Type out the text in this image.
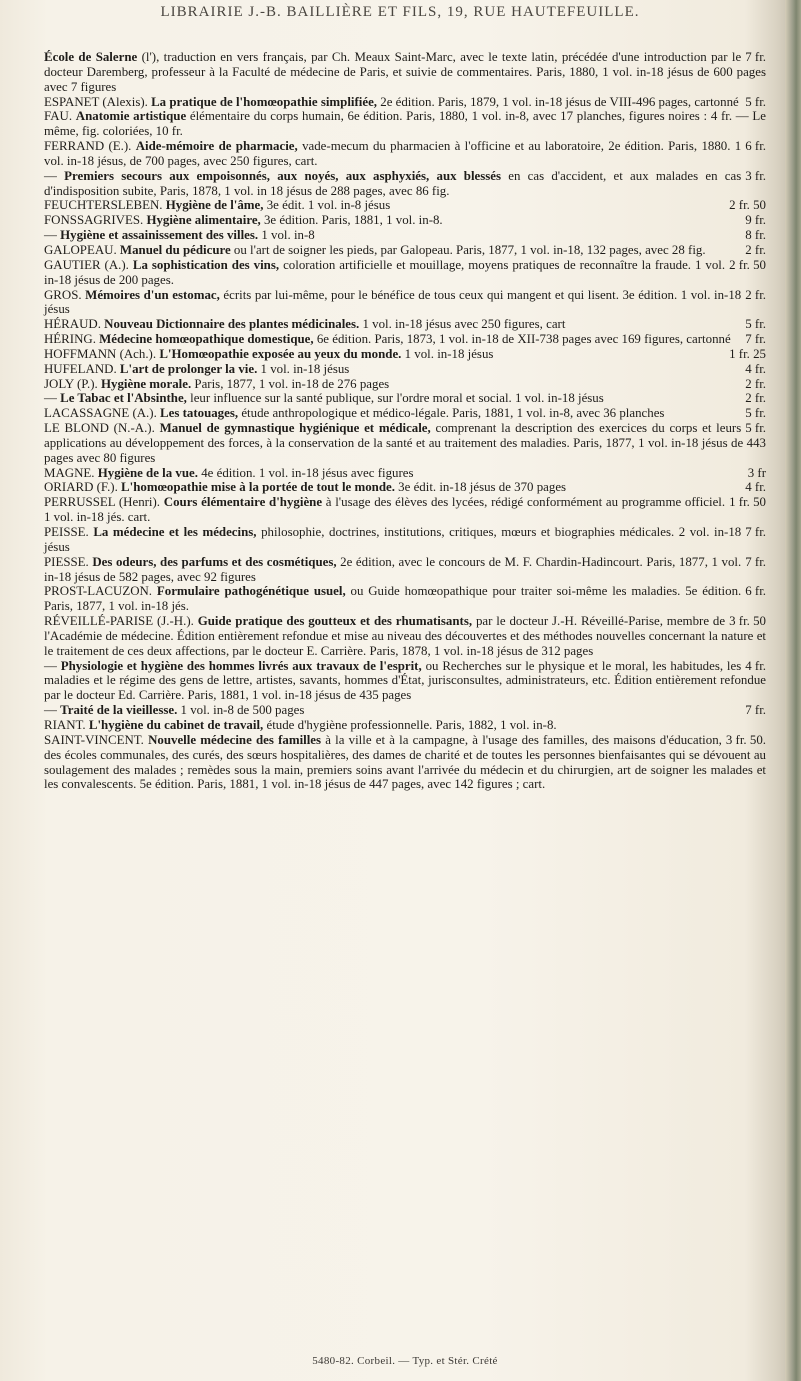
LIBRAIRIE J.-B. BAILLIÈRE ET FILS, 19, RUE HAUTEFEUILLE.

7 fr.
École de Salerne (l'), traduction en vers français, par Ch. Meaux Saint-Marc, avec le texte latin, précédée d'une introduction par le docteur Daremberg, professeur à la Faculté de médecine de Paris, et suivie de commentaires. Paris, 1880, 1 vol. in-18 jésus de 600 pages avec 7 figures

5 fr.
ESPANET (Alexis). La pratique de l'homœopathie simplifiée, 2e édition. Paris, 1879, 1 vol. in-18 jésus de VIII-496 pages, cartonné

FAU. Anatomie artistique élémentaire du corps humain, 6e édition. Paris, 1880, 1 vol. in-8, avec 17 planches, figures noires : 4 fr. — Le même, fig. coloriées, 10 fr.

6 fr.
FERRAND (E.). Aide-mémoire de pharmacie, vade-mecum du pharmacien à l'officine et au laboratoire, 2e édition. Paris, 1880. 1 vol. in-18 jésus, de 700 pages, avec 250 figures, cart.

3 fr.
— Premiers secours aux empoisonnés, aux noyés, aux asphyxiés, aux blessés en cas d'accident, et aux malades en cas d'indisposition subite, Paris, 1878, 1 vol. in 18 jésus de 288 pages, avec 86 fig.

2 fr. 50
FEUCHTERSLEBEN. Hygiène de l'âme, 3e édit. 1 vol. in-8 jésus

9 fr.
FONSSAGRIVES. Hygiène alimentaire, 3e édition. Paris, 1881, 1 vol. in-8.

8 fr.
— Hygiène et assainissement des villes. 1 vol. in-8

2 fr.
GALOPEAU. Manuel du pédicure ou l'art de soigner les pieds, par Galopeau. Paris, 1877, 1 vol. in-18, 132 pages, avec 28 fig.

2 fr. 50
GAUTIER (A.). La sophistication des vins, coloration artificielle et mouillage, moyens pratiques de reconnaître la fraude. 1 vol. in-18 jésus de 200 pages.

2 fr.
GROS. Mémoires d'un estomac, écrits par lui-même, pour le bénéfice de tous ceux qui mangent et qui lisent. 3e édition. 1 vol. in-18 jésus

5 fr.
HÉRAUD. Nouveau Dictionnaire des plantes médicinales. 1 vol. in-18 jésus avec 250 figures, cart

7 fr.
HÉRING. Médecine homœopathique domestique, 6e édition. Paris, 1873, 1 vol. in-18 de XII-738 pages avec 169 figures, cartonné

1 fr. 25
HOFFMANN (Ach.). L'Homœopathie exposée au yeux du monde. 1 vol. in-18 jésus

4 fr.
HUFELAND. L'art de prolonger la vie. 1 vol. in-18 jésus

2 fr.
JOLY (P.). Hygiène morale. Paris, 1877, 1 vol. in-18 de 276 pages

2 fr.
— Le Tabac et l'Absinthe, leur influence sur la santé publique, sur l'ordre moral et social. 1 vol. in-18 jésus

5 fr.
LACASSAGNE (A.). Les tatouages, étude anthropologique et médico-légale. Paris, 1881, 1 vol. in-8, avec 36 planches

5 fr.
LE BLOND (N.-A.). Manuel de gymnastique hygiénique et médicale, comprenant la description des exercices du corps et leurs applications au développement des forces, à la conservation de la santé et au traitement des maladies. Paris, 1877, 1 vol. in-18 jésus de 443 pages avec 80 figures

3 fr
MAGNE. Hygiène de la vue. 4e édition. 1 vol. in-18 jésus avec figures

4 fr.
ORIARD (F.). L'homœopathie mise à la portée de tout le monde. 3e édit. in-18 jésus de 370 pages

1 fr. 50
PERRUSSEL (Henri). Cours élémentaire d'hygiène à l'usage des élèves des lycées, rédigé conformément au programme officiel. 1 vol. in-18 jés. cart.

7 fr.
PEISSE. La médecine et les médecins, philosophie, doctrines, institutions, critiques, mœurs et biographies médicales. 2 vol. in-18 jésus

7 fr.
PIESSE. Des odeurs, des parfums et des cosmétiques, 2e édition, avec le concours de M. F. Chardin-Hadincourt. Paris, 1877, 1 vol. in-18 jésus de 582 pages, avec 92 figures

6 fr.
PROST-LACUZON. Formulaire pathogénétique usuel, ou Guide homœopathique pour traiter soi-même les maladies. 5e édition. Paris, 1877, 1 vol. in-18 jés.

3 fr. 50
RÉVEILLÉ-PARISE (J.-H.). Guide pratique des goutteux et des rhumatisants, par le docteur J.-H. Réveillé-Parise, membre de l'Académie de médecine. Édition entièrement refondue et mise au niveau des découvertes et des méthodes nouvelles concernant la nature et le traitement de ces deux affections, par le docteur E. Carrière. Paris, 1878, 1 vol. in-18 jésus de 312 pages

4 fr.
— Physiologie et hygiène des hommes livrés aux travaux de l'esprit, ou Recherches sur le physique et le moral, les habitudes, les maladies et le régime des gens de lettre, artistes, savants, hommes d'État, jurisconsultes, administrateurs, etc. Édition entièrement refondue par le docteur Ed. Carrière. Paris, 1881, 1 vol. in-18 jésus de 435 pages

7 fr.
— Traité de la vieillesse. 1 vol. in-8 de 500 pages

RIANT. L'hygiène du cabinet de travail, étude d'hygiène professionnelle. Paris, 1882, 1 vol. in-8.

3 fr. 50.
SAINT-VINCENT. Nouvelle médecine des familles à la ville et à la campagne, à l'usage des familles, des maisons d'éducation, des écoles communales, des curés, des sœurs hospitalières, des dames de charité et de toutes les personnes bienfaisantes qui se dévouent au soulagement des malades ; remèdes sous la main, premiers soins avant l'arrivée du médecin et du chirurgien, art de soigner les malades et les convalescents. 5e édition. Paris, 1881, 1 vol. in-18 jésus de 447 pages, avec 142 figures ; cart.

5480-82. Corbeil. — Typ. et Stér. Crété
